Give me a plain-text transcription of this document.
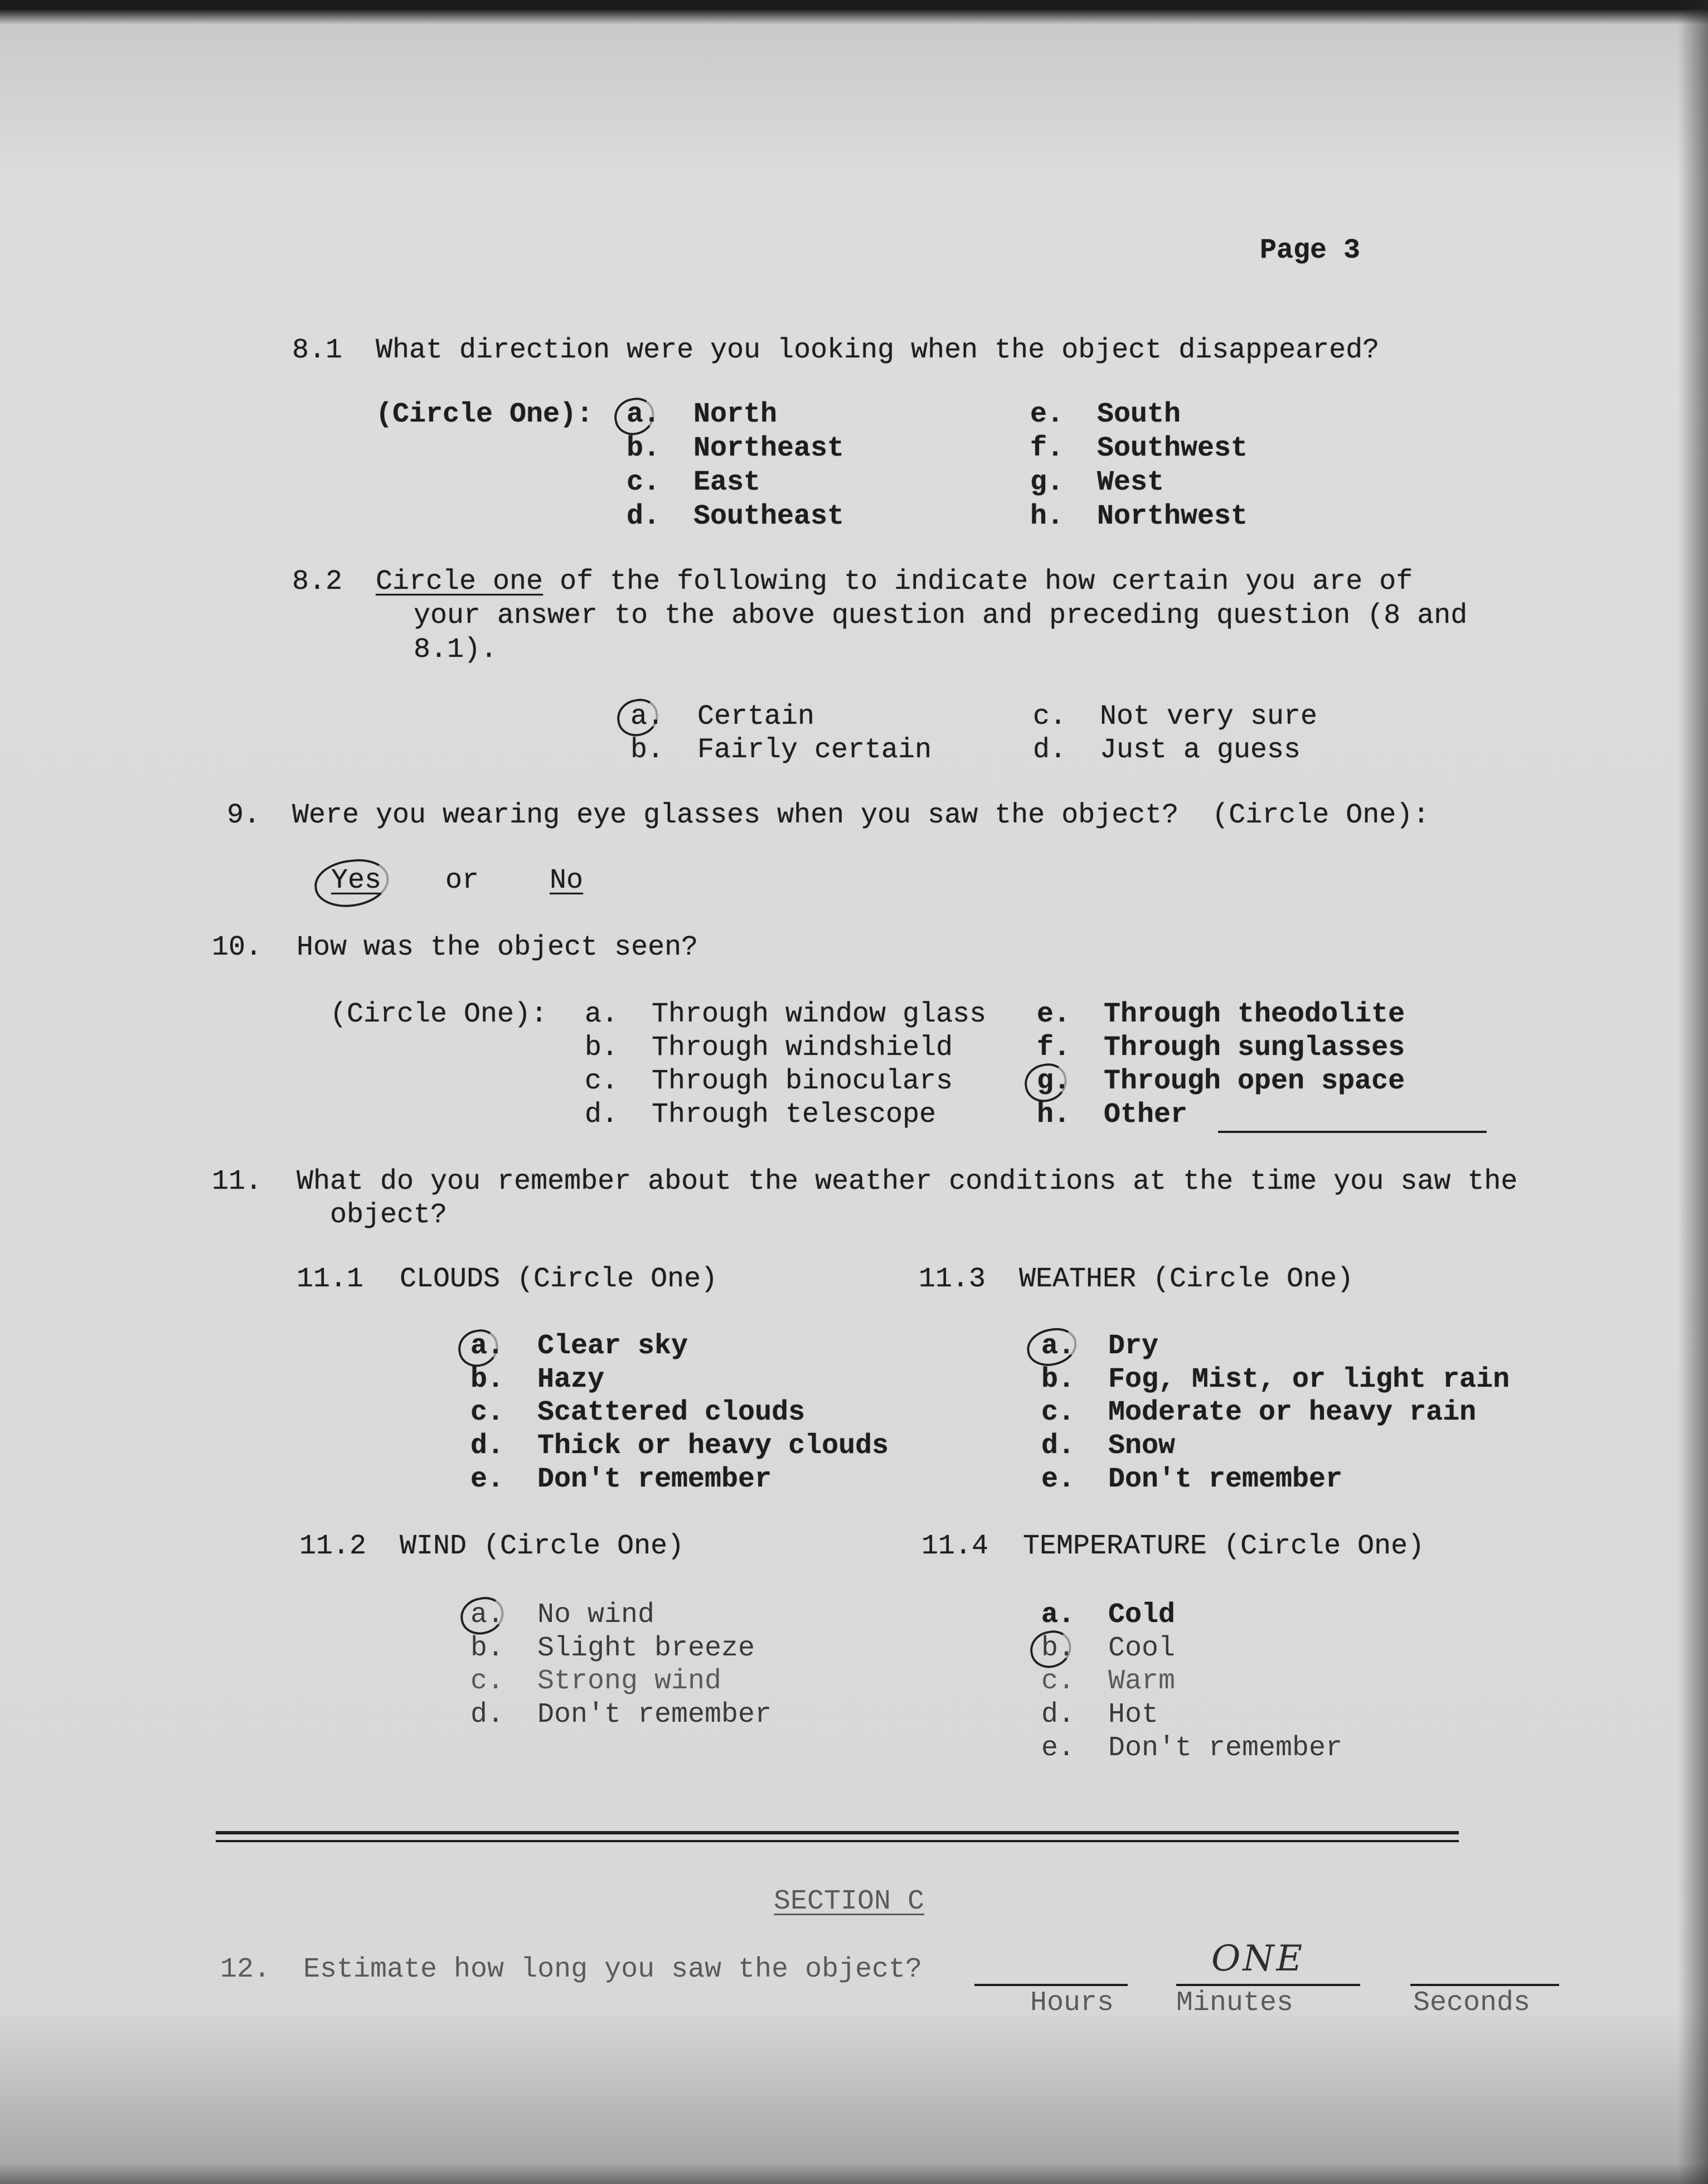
Page 3
8.1 What direction were you looking when the object disappeared?
(Circle One): a. North
b. Northeast
c. East
d. Southeast
e. South
f. Southwest
g. West
h. Northwest
8.2 Circle one of the following to indicate how certain you are of
your answer to the above question and preceding question (8 and
8.1).
a. Certain
b. Fairly certain
c. Not very sure
d. Just a guess
9. Were you wearing eye glasses when you saw the object?  (Circle One):
Yes or	No
10. How was the object seen?
(Circle One): a. Through window glass
b. Through windshield
c. Through binoculars
d. Through telescope
e. Through theodolite
f. Through sunglasses
g. Through open space
h. Other
11. What do you remember about the weather conditions at the time you saw the
object?
11.1 CLOUDS (Circle One)
a. Clear sky
b. Hazy
c. Scattered clouds
d. Thick or heavy clouds
e. Don't remember
11.3 WEATHER (Circle One)
a. Dry
b. Fog, Mist, or light rain
c. Moderate or heavy rain
d. Snow
e. Don't remember
11.2 WIND (Circle One)
a. No wind
b. Slight breeze
c. Strong wind
d. Don't remember
11.4 TEMPERATURE (Circle One)
a. Cold
b. Cool
c. Warm
d. Hot
e. Don't remember
SECTION C
12. Estimate how long you saw the object?	ONE
Hours Minutes	Seconds
